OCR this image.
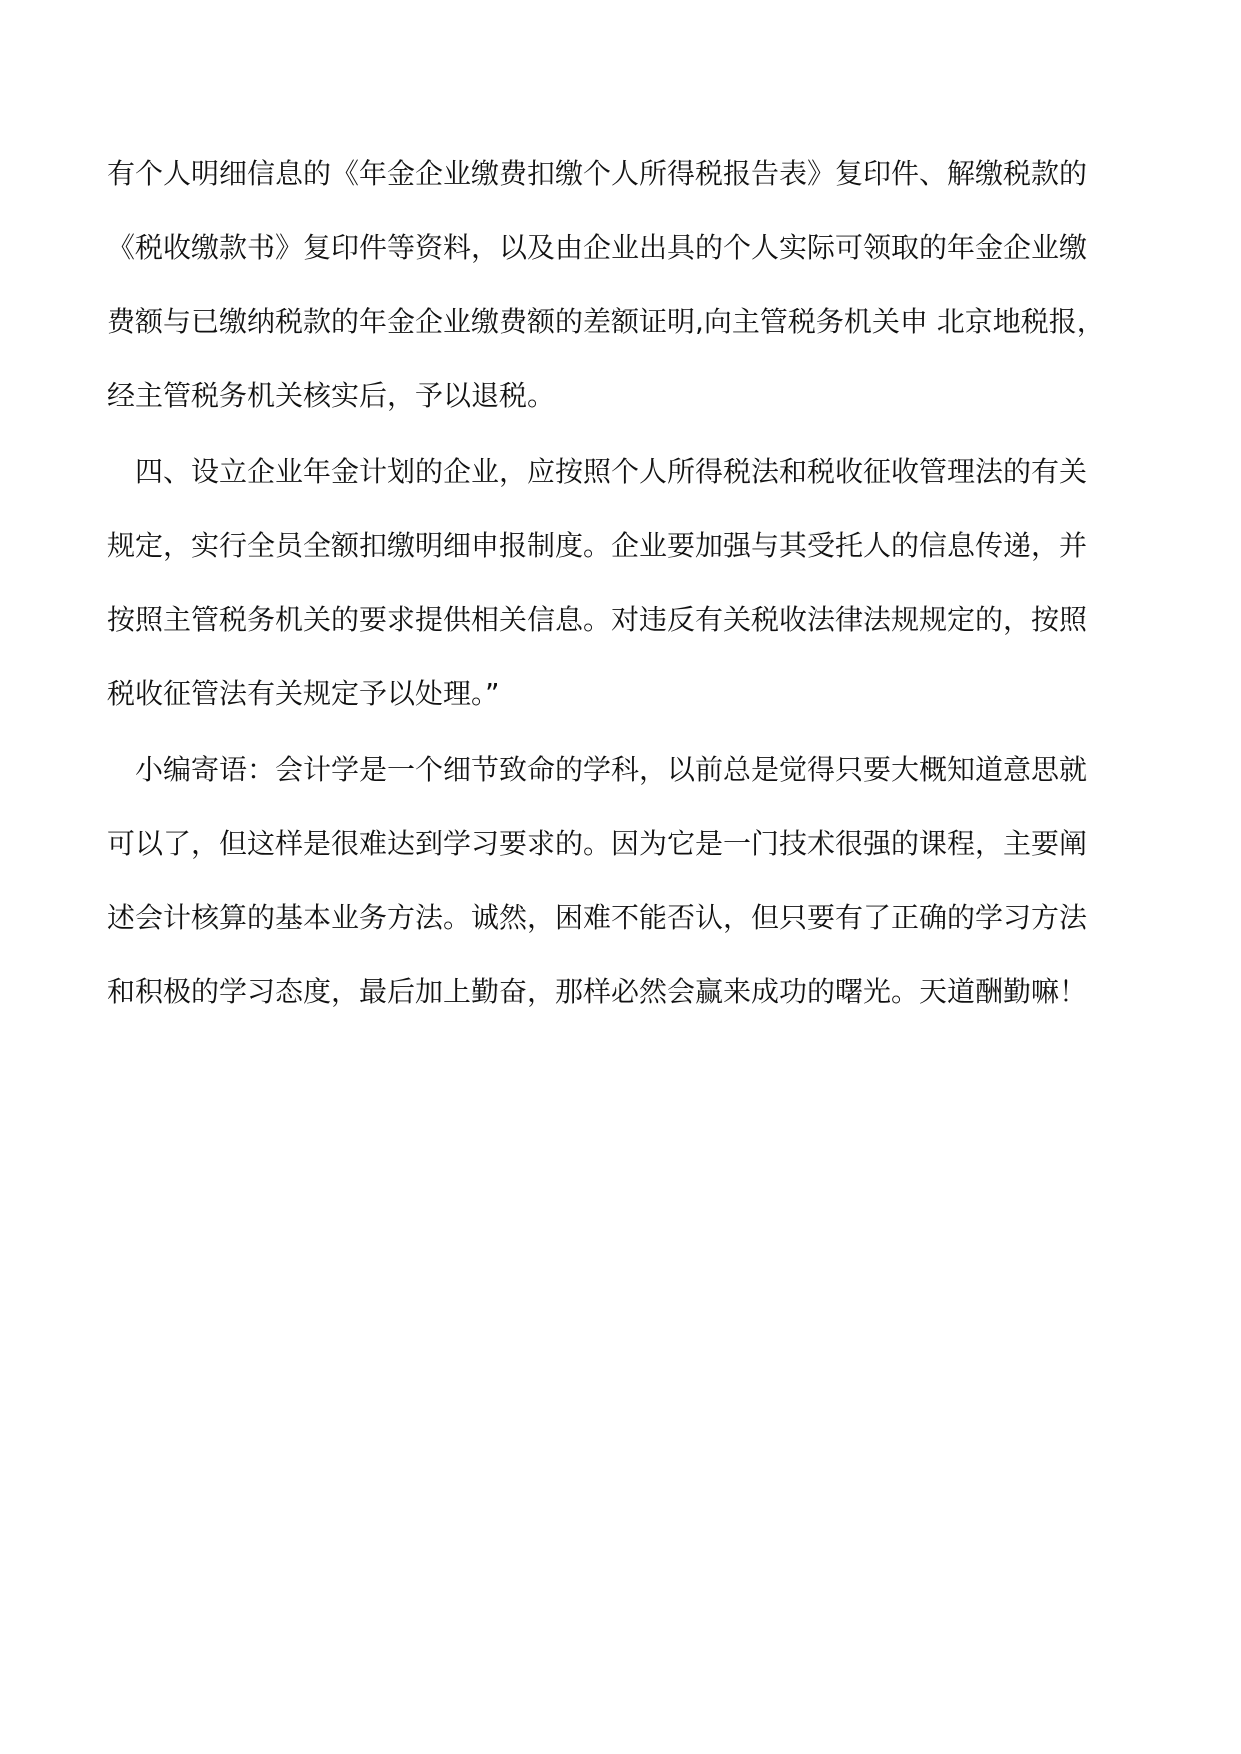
有个人明细信息的《年金企业缴费扣缴个人所得税报告表》复印件、解缴税款的

《税收缴款书》复印件等资料，以及由企业出具的个人实际可领取的年金企业缴

费额与已缴纳税款的年金企业缴费额的差额证明,向主管税务机关申 北京地税报，

经主管税务机关核实后，予以退税。

四、设立企业年金计划的企业，应按照个人所得税法和税收征收管理法的有关

规定，实行全员全额扣缴明细申报制度。企业要加强与其受托人的信息传递，并

按照主管税务机关的要求提供相关信息。对违反有关税收法律法规规定的，按照

税收征管法有关规定予以处理。”

小编寄语：会计学是一个细节致命的学科，以前总是觉得只要大概知道意思就

可以了，但这样是很难达到学习要求的。因为它是一门技术很强的课程，主要阐

述会计核算的基本业务方法。诚然，困难不能否认，但只要有了正确的学习方法

和积极的学习态度，最后加上勤奋，那样必然会赢来成功的曙光。天道酬勤嘛！
